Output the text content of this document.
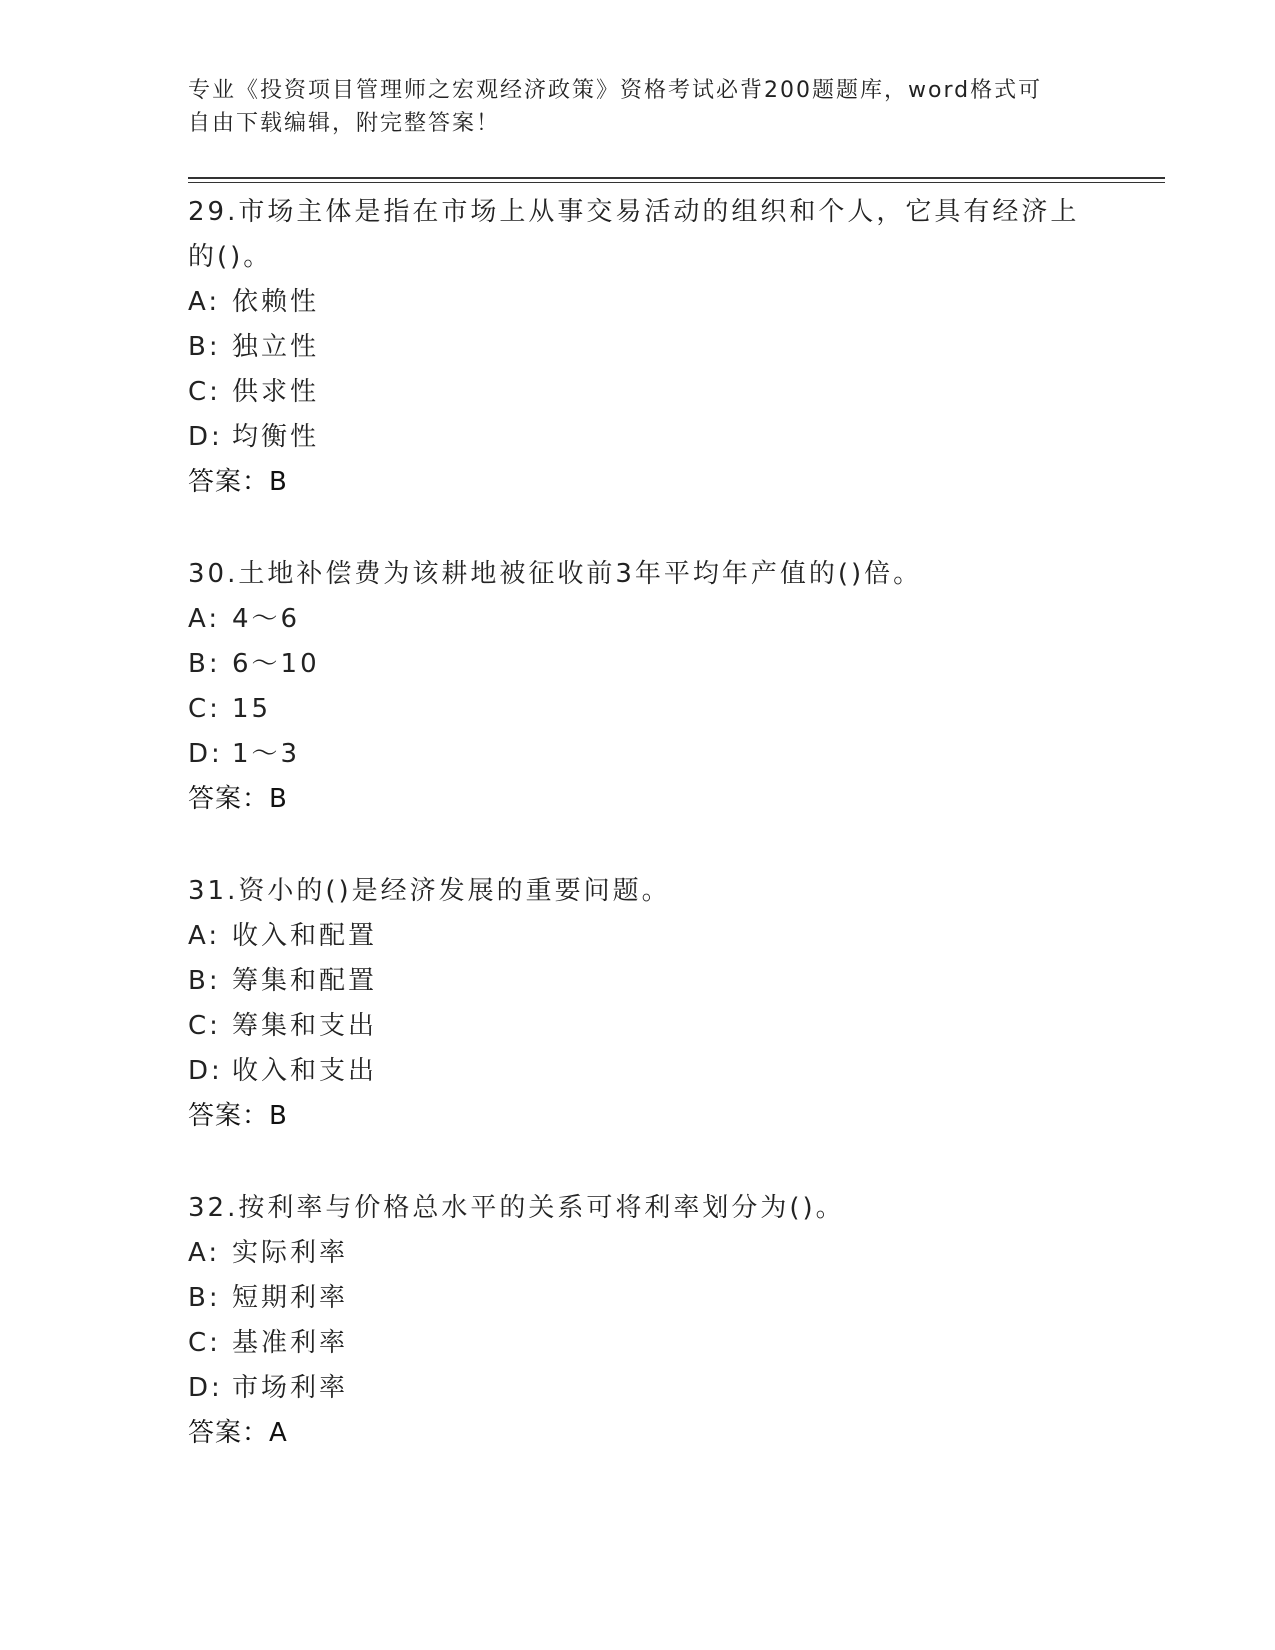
专业《投资项目管理师之宏观经济政策》资格考试必背200题题库，word格式可
自由下载编辑，附完整答案！
29.市场主体是指在市场上从事交易活动的组织和个人，它具有经济上
的()。
A: 依赖性
B: 独立性
C: 供求性
D: 均衡性
答案：B
30.土地补偿费为该耕地被征收前3年平均年产值的()倍。
A: 4～6
B: 6～10
C: 15
D: 1～3
答案：B
31.资小的()是经济发展的重要问题。
A: 收入和配置
B: 筹集和配置
C: 筹集和支出
D: 收入和支出
答案：B
32.按利率与价格总水平的关系可将利率划分为()。
A: 实际利率
B: 短期利率
C: 基准利率
D: 市场利率
答案：A
